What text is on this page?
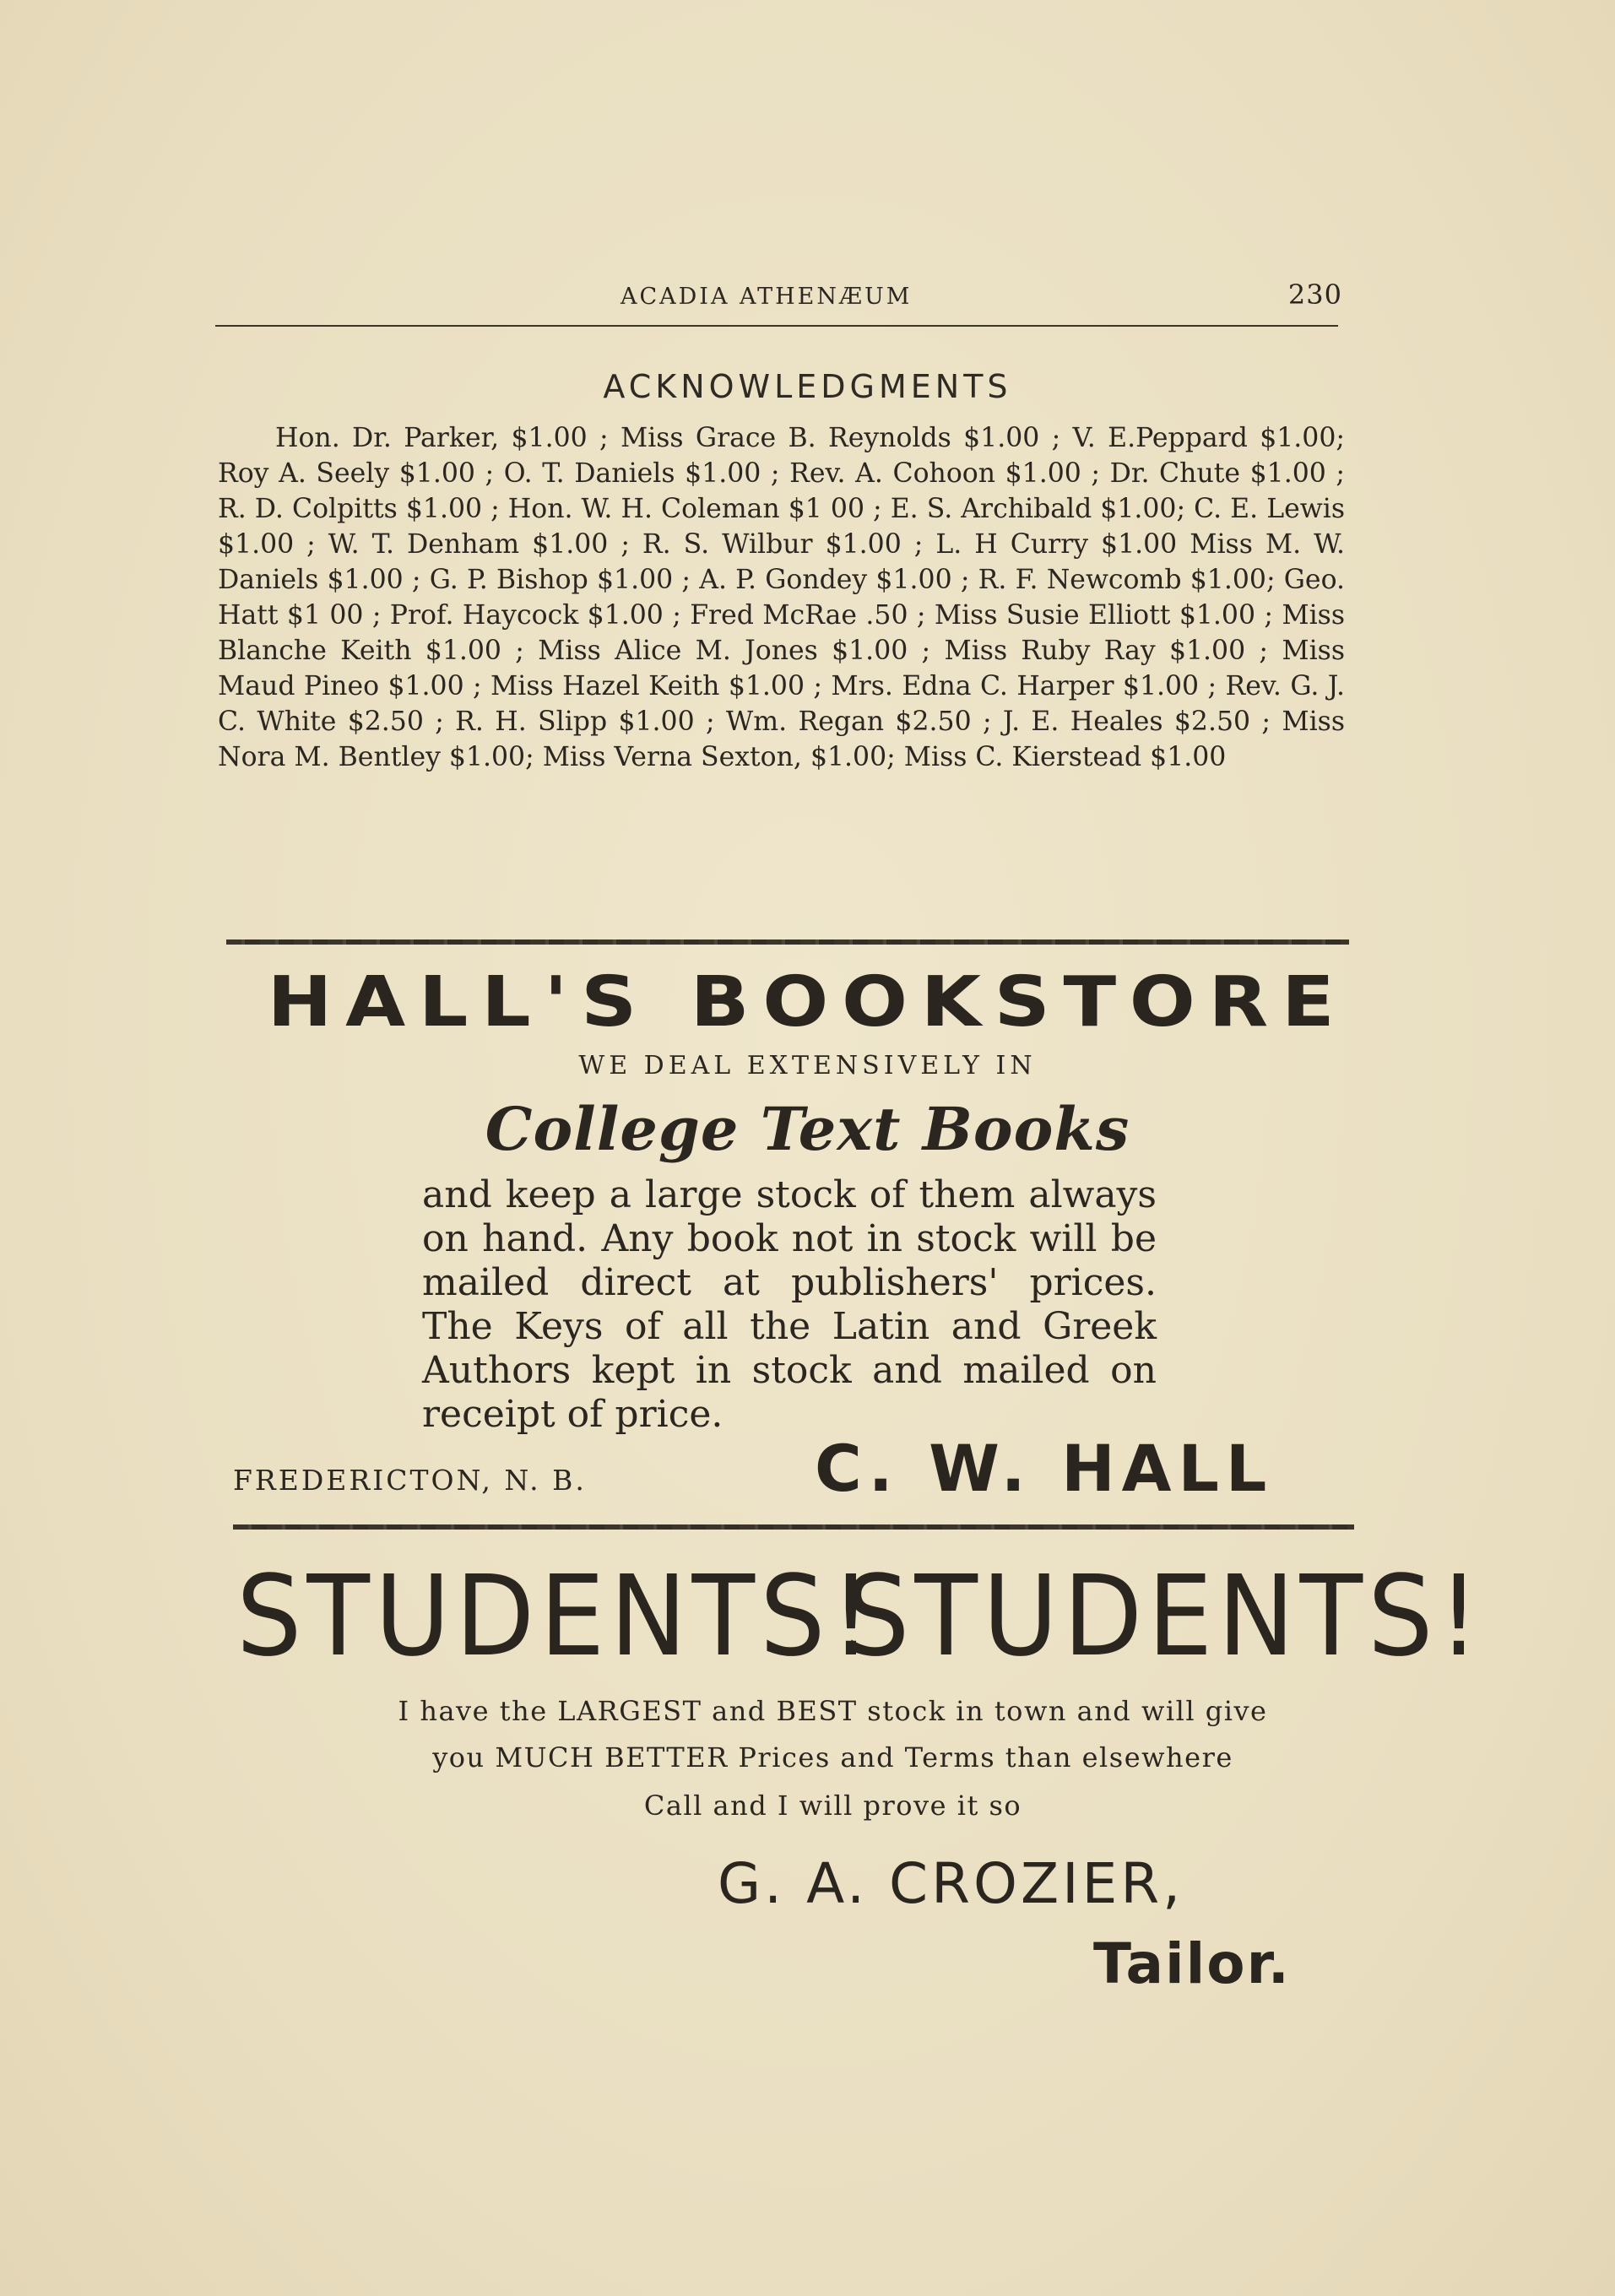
ACADIA ATHENÆUM	230
ACKNOWLEDGMENTS
Hon. Dr. Parker, $1.00 ; Miss Grace B. Reynolds $1.00 ; V. E.Peppard $1.00; Roy A. Seely $1.00 ; O. T. Daniels $1.00 ; Rev. A. Cohoon $1.00 ; Dr. Chute $1.00 ; R. D. Colpitts $1.00 ; Hon. W. H. Coleman $1 00 ; E. S. Archibald $1.00; C. E. Lewis $1.00 ; W. T. Denham $1.00 ; R. S. Wilbur $1.00 ; L. H Curry $1.00 Miss M. W. Daniels $1.00 ; G. P. Bishop $1.00 ; A. P. Gondey $1.00 ; R. F. Newcomb $1.00; Geo. Hatt $1 00 ; Prof. Haycock $1.00 ; Fred McRae .50 ; Miss Susie Elliott $1.00 ; Miss Blanche Keith $1.00 ; Miss Alice M. Jones $1.00 ; Miss Ruby Ray $1.00 ; Miss Maud Pineo $1.00 ; Miss Hazel Keith $1.00 ; Mrs. Edna C. Harper $1.00 ; Rev. G. J. C. White $2.50 ; R. H. Slipp $1.00 ; Wm. Regan $2.50 ; J. E. Heales $2.50 ; Miss Nora M. Bentley $1.00; Miss Verna Sexton, $1.00; Miss C. Kierstead $1.00
HALL'S BOOKSTORE
WE DEAL EXTENSIVELY IN
College Text Books
and keep a large stock of them always on hand. Any book not in stock will be mailed direct at publishers' prices. The Keys of all the Latin and Greek Authors kept in stock and mailed on receipt of price.
FREDERICTON, N. B.	C. W. HALL
STUDENTS!
STUDENTS!
I have the LARGEST and BEST stock in town and will give
you MUCH BETTER Prices and Terms than elsewhere
Call and I will prove it so
G. A. CROZIER,
Tailor.
